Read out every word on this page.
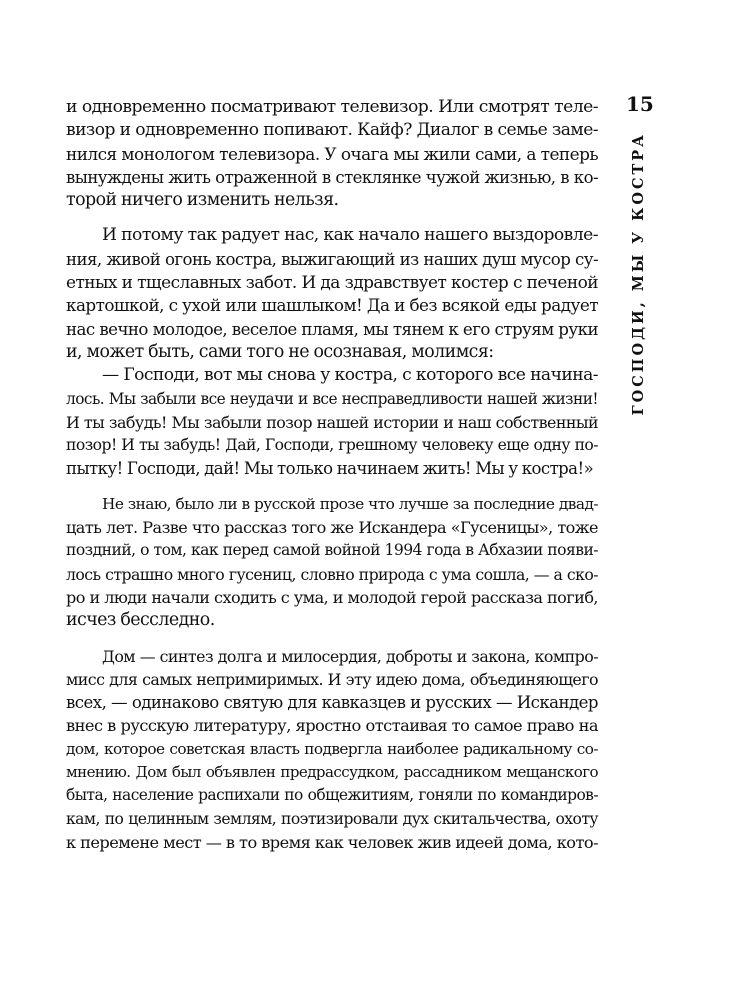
15
ГОСПОДИ, МЫ У КОСТРА

и одновременно посматривают телевизор. Или смотрят теле-
визор и одновременно попивают. Кайф? Диалог в семье заме-
нился монологом телевизора. У очага мы жили сами, а теперь
вынуждены жить отраженной в стеклянке чужой жизнью, в ко-
торой ничего изменить нельзя.

И потому так радует нас, как начало нашего выздоровле-
ния, живой огонь костра, выжигающий из наших душ мусор су-
етных и тщеславных забот. И да здравствует костер с печеной
картошкой, с ухой или шашлыком! Да и без всякой еды радует
нас вечно молодое, веселое пламя, мы тянем к его струям руки
и, может быть, сами того не осознавая, молимся:
— Господи, вот мы снова у костра, с которого все начина-
лось. Мы забыли все неудачи и все несправедливости нашей жизни!
И ты забудь! Мы забыли позор нашей истории и наш собственный
позор! И ты забудь! Дай, Господи, грешному человеку еще одну по-
пытку! Господи, дай! Мы только начинаем жить! Мы у костра!»

Не знаю, было ли в русской прозе что лучше за последние двад-
цать лет. Разве что рассказ того же Искандера «Гусеницы», тоже
поздний, о том, как перед самой войной 1994 года в Абхазии появи-
лось страшно много гусениц, словно природа с ума сошла, — а ско-
ро и люди начали сходить с ума, и молодой герой рассказа погиб,
исчез бесследно.

Дом — синтез долга и милосердия, доброты и закона, компро-
мисс для самых непримиримых. И эту идею дома, объединяющего
всех, — одинаково святую для кавказцев и русских — Искандер
внес в русскую литературу, яростно отстаивая то самое право на
дом, которое советская власть подвергла наиболее радикальному со-
мнению. Дом был объявлен предрассудком, рассадником мещанского
быта, население распихали по общежитиям, гоняли по командиров-
кам, по целинным землям, поэтизировали дух скитальчества, охоту
к перемене мест — в то время как человек жив идеей дома, кото-
